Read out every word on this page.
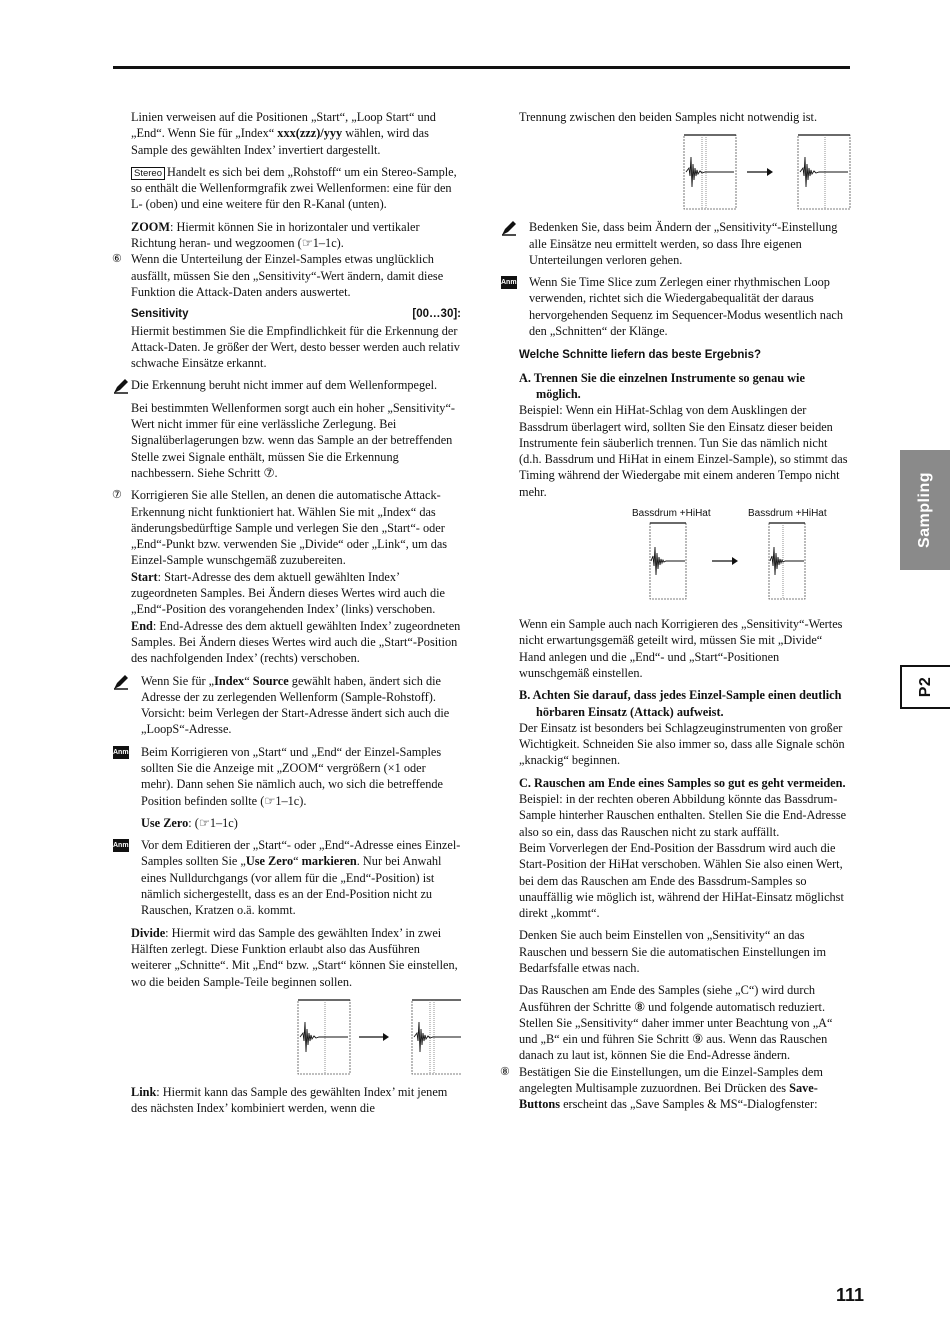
Linien verweisen auf die Positionen „Start“, „Loop Start“ und „End“. Wenn Sie für „Index“ xxx(zzz)/yyy wählen, wird das Sample des gewählten Index’ invertiert dargestellt.

Stereo Handelt es sich bei dem „Rohstoff“ um ein Stereo-Sample, so enthält die Wellenformgrafik zwei Wellenformen: eine für den L- (oben) und eine weitere für den R-Kanal (unten).

ZOOM: Hiermit können Sie in horizontaler und vertikaler Richtung heran- und wegzoomen (☞1–1c).

⑥ Wenn die Unterteilung der Einzel-Samples etwas unglücklich ausfällt, müssen Sie den „Sensitivity“-Wert ändern, damit diese Funktion die Attack-Daten anders auswertet.

Sensitivity	[00…30]:

Hiermit bestimmen Sie die Empfindlichkeit für die Erkennung der Attack-Daten. Je größer der Wert, desto besser werden auch relativ schwache Einsätze erkannt.

Die Erkennung beruht nicht immer auf dem Wellenformpegel.

Bei bestimmten Wellenformen sorgt auch ein hoher „Sensitivity“-Wert nicht immer für eine verlässliche Zerlegung. Bei Signalüberlagerungen bzw. wenn das Sample an der betreffenden Stelle zwei Signale enthält, müssen Sie die Erkennung nachbessern. Siehe Schritt ⑦.

⑦ Korrigieren Sie alle Stellen, an denen die automatische Attack-Erkennung nicht funktioniert hat. Wählen Sie mit „Index“ das änderungsbedürftige Sample und verlegen Sie den „Start“- oder „End“-Punkt bzw. verwenden Sie „Divide“ oder „Link“, um das Einzel-Sample wunschgemäß zuzubereiten.

Start: Start-Adresse des dem aktuell gewählten Index’ zugeordneten Samples. Bei Ändern dieses Wertes wird auch die „End“-Position des vorangehenden Index’ (links) verschoben.

End: End-Adresse des dem aktuell gewählten Index’ zugeordneten Samples. Bei Ändern dieses Wertes wird auch die „Start“-Position des nachfolgenden Index’ (rechts) verschoben.

Wenn Sie für „Index“ Source gewählt haben, ändert sich die Adresse der zu zerlegenden Wellenform (Sample-Rohstoff). Vorsicht: beim Verlegen der Start-Adresse ändert sich auch die „LoopS“-Adresse.

Anm. Beim Korrigieren von „Start“ und „End“ der Einzel-Samples sollten Sie die Anzeige mit „ZOOM“ vergrößern (×1 oder mehr). Dann sehen Sie nämlich auch, wo sich die betreffende Position befinden sollte (☞1–1c).

Use Zero: (☞1–1c)

Anm. Vor dem Editieren der „Start“- oder „End“-Adresse eines Einzel-Samples sollten Sie „Use Zero“ markieren. Nur bei Anwahl eines Nulldurchgangs (vor allem für die „End“-Position) ist nämlich sichergestellt, dass es an der End-Position nicht zu Rauschen, Kratzen o.ä. kommt.

Divide: Hiermit wird das Sample des gewählten Index’ in zwei Hälften zerlegt. Diese Funktion erlaubt also das Ausführen weiterer „Schnitte“. Mit „End“ bzw. „Start“ können Sie einstellen, wo die beiden Sample-Teile beginnen sollen.

Link: Hiermit kann das Sample des gewählten Index’ mit jenem des nächsten Index’ kombiniert werden, wenn die

Trennung zwischen den beiden Samples nicht notwendig ist.

Bedenken Sie, dass beim Ändern der „Sensitivity“-Einstellung alle Einsätze neu ermittelt werden, so dass Ihre eigenen Unterteilungen verloren gehen.

Anm. Wenn Sie Time Slice zum Zerlegen einer rhythmischen Loop verwenden, richtet sich die Wiedergabequalität der daraus hervorgehenden Sequenz im Sequencer-Modus wesentlich nach den „Schnitten“ der Klänge.

Welche Schnitte liefern das beste Ergebnis?

A. Trennen Sie die einzelnen Instrumente so genau wie möglich.

Beispiel: Wenn ein HiHat-Schlag von dem Ausklingen der Bassdrum überlagert wird, sollten Sie den Einsatz dieser beiden Instrumente fein säuberlich trennen. Tun Sie das nämlich nicht (d.h. Bassdrum und HiHat in einem Einzel-Sample), so stimmt das Timing während der Wiedergabe mit einem anderen Tempo nicht mehr.

Bassdrum +HiHat	Bassdrum +HiHat

Wenn ein Sample auch nach Korrigieren des „Sensitivity“-Wertes nicht erwartungsgemäß geteilt wird, müssen Sie mit „Divide“ Hand anlegen und die „End“- und „Start“-Positionen wunschgemäß einstellen.

B. Achten Sie darauf, dass jedes Einzel-Sample einen deutlich hörbaren Einsatz (Attack) aufweist.

Der Einsatz ist besonders bei Schlagzeuginstrumenten von großer Wichtigkeit. Schneiden Sie also immer so, dass alle Signale schön „knackig“ beginnen.

C. Rauschen am Ende eines Samples so gut es geht vermeiden.

Beispiel: in der rechten oberen Abbildung könnte das Bassdrum-Sample hinterher Rauschen enthalten. Stellen Sie die End-Adresse also so ein, dass das Rauschen nicht zu stark auffällt.

Beim Vorverlegen der End-Position der Bassdrum wird auch die Start-Position der HiHat verschoben. Wählen Sie also einen Wert, bei dem das Rauschen am Ende des Bassdrum-Samples so unauffällig wie möglich ist, während der HiHat-Einsatz möglichst direkt „kommt“.

Denken Sie auch beim Einstellen von „Sensitivity“ an das Rauschen und bessern Sie die automatischen Einstellungen im Bedarfsfalle etwas nach.

Das Rauschen am Ende des Samples (siehe „C“) wird durch Ausführen der Schritte ⑧ und folgende automatisch reduziert. Stellen Sie „Sensitivity“ daher immer unter Beachtung von „A“ und „B“ ein und führen Sie Schritt ⑨ aus. Wenn das Rauschen danach zu laut ist, können Sie die End-Adresse ändern.

⑧ Bestätigen Sie die Einstellungen, um die Einzel-Samples dem angelegten Multisample zuzuordnen. Bei Drücken des Save-Buttons erscheint das „Save Samples & MS“-Dialogfenster:

Sampling
P2
111
